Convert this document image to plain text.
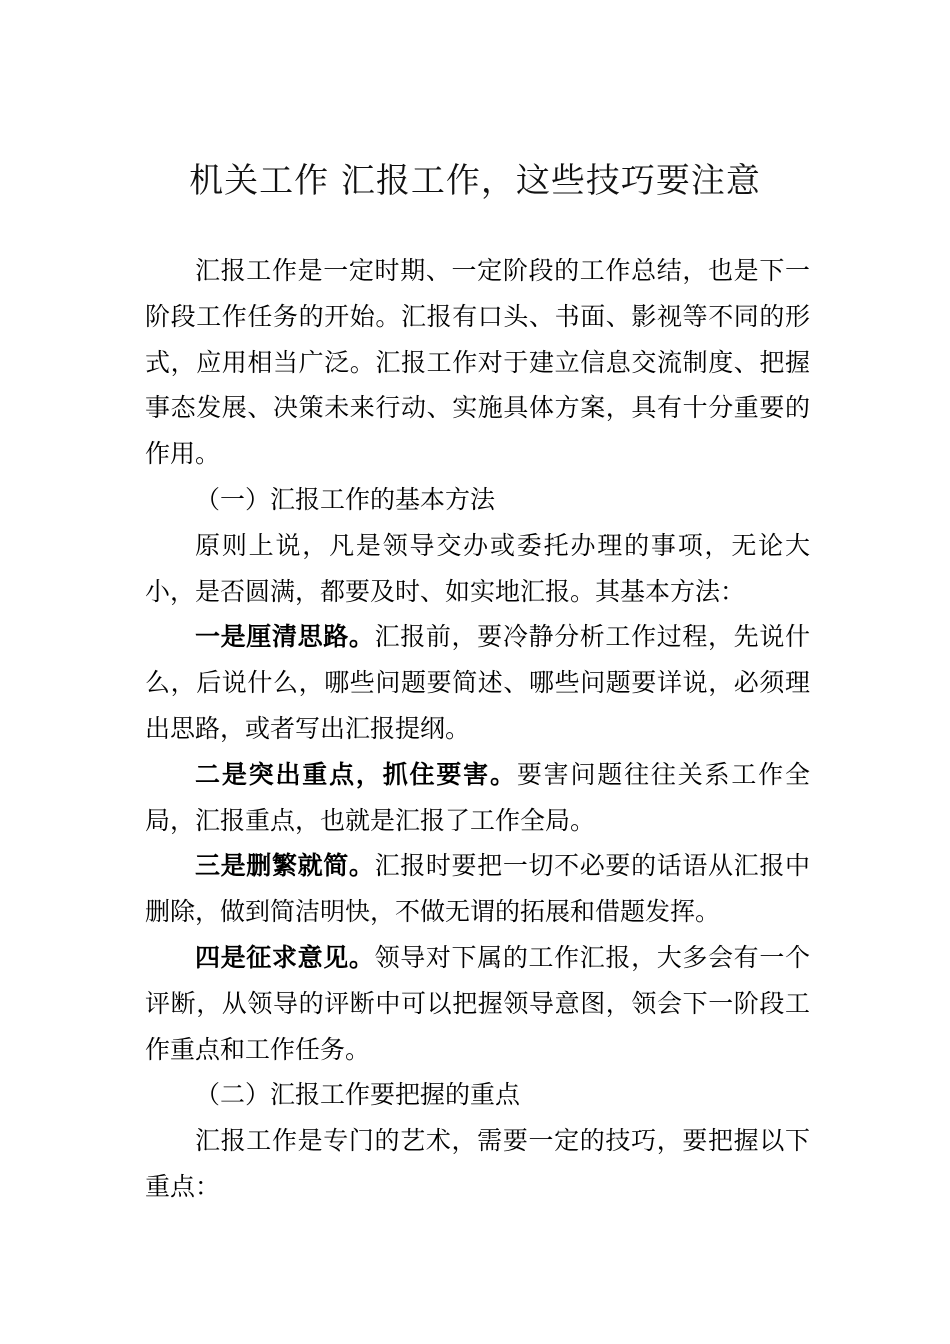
机关工作 汇报工作，这些技巧要注意

汇报工作是一定时期、一定阶段的工作总结，也是下一阶段工作任务的开始。汇报有口头、书面、影视等不同的形式，应用相当广泛。汇报工作对于建立信息交流制度、把握事态发展、决策未来行动、实施具体方案，具有十分重要的作用。

（一）汇报工作的基本方法

原则上说，凡是领导交办或委托办理的事项，无论大小，是否圆满，都要及时、如实地汇报。其基本方法：

一是厘清思路。汇报前，要冷静分析工作过程，先说什么，后说什么，哪些问题要简述、哪些问题要详说，必须理出思路，或者写出汇报提纲。

二是突出重点，抓住要害。要害问题往往关系工作全局，汇报重点，也就是汇报了工作全局。

三是删繁就简。汇报时要把一切不必要的话语从汇报中删除，做到简洁明快，不做无谓的拓展和借题发挥。

四是征求意见。领导对下属的工作汇报，大多会有一个评断，从领导的评断中可以把握领导意图，领会下一阶段工作重点和工作任务。

（二）汇报工作要把握的重点

汇报工作是专门的艺术，需要一定的技巧，要把握以下重点：
